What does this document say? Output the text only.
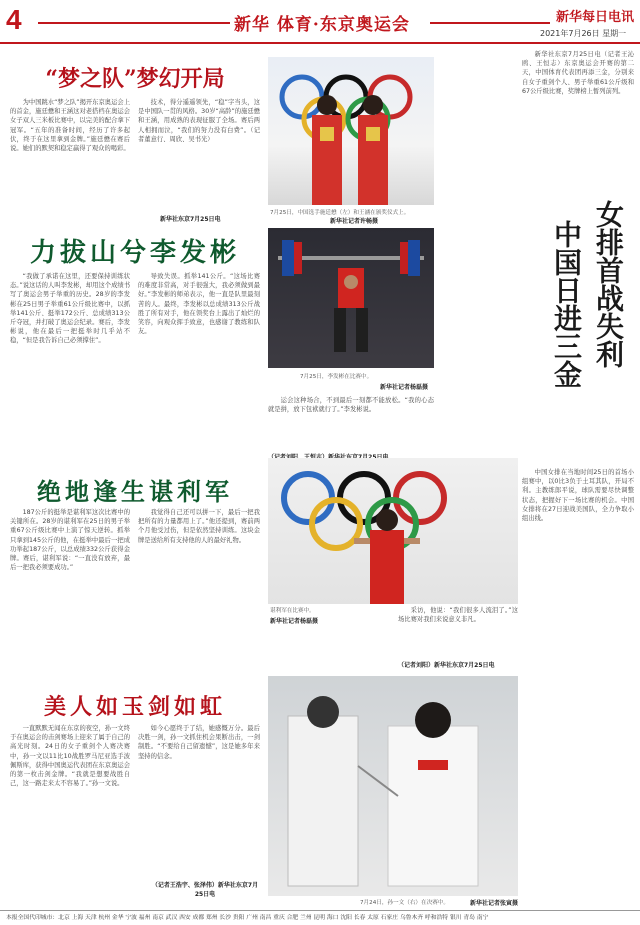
4	新华 体育·东京奥运会	新华每日电讯
2021年7月26日 星期一
“梦之队”梦幻开局

为中国跳水“梦之队”揭开东京奥运会上的首金，施廷懋和王涵这对老搭档在奥运会女子双人三米板比赛中，以完美的配合拿下冠军。“五年的准备时间，经历了许多起伏，终于在这里拿到金牌。”施廷懋在赛后说。她们的默契和稳定赢得了观众的喝彩。

技术，得分遥遥领先，“稳”字当头，这是中国队一贯的风格。30岁“高龄”的施廷懋和王涵，用成熟的表现征服了全场。赛后两人相拥而泣，“我们的努力没有白费”。（记者董意行、周欣、吴书光）

新华社东京7月25日电
7月25日，中国选手施廷懋（左）和王涵在颁奖仪式上。
新华社记者许畅摄
力拔山兮李发彬

“我做了承诺在这里，还要保持训练状态。”说这话的人叫李发彬，却用这个成绩书写了奥运会男子举重的历史。28岁的李发彬在25日男子举重61公斤级比赛中，以抓举141公斤、挺举172公斤、总成绩313公斤夺冠，并打破了奥运会纪录。赛后，李发彬说，他在最后一把挺举时几乎站不稳，“但是我告诉自己必须撑住”。

导致失误。抓举141公斤。“这场比赛的难度非常高，对手很强大，我必须做到最好。”李发彬的师弟表示，他一直是队里最刻苦的人。最终，李发彬以总成绩313公斤战胜了所有对手，他在领奖台上露出了灿烂的笑容，向观众挥手致意，也感谢了教练和队友。

运会这种场合，不到最后一刻都不能放松。“我的心态就是拼，放下包袱就行了。”李发彬说。

7月25日，李发彬在比赛中。
新华社记者杨磊摄
绝地逢生谌利军

187公斤的挺举是谌利军这次比赛中的关键所在。28岁的谌利军在25日的男子举重67公斤级比赛中上演了惊天逆转。抓举只拿到145公斤的他，在挺举中最后一把成功举起187公斤，以总成绩332公斤获得金牌。赛后，谌利军说：“一直没有放弃，最后一把我必须要成功。”

我觉得自己还可以拼一下，最后一把我把所有的力量都用上了。”他还提到，赛前两个月他受过伤，但是依然坚持训练。这块金牌是送给所有支持他的人的最好礼物。

采访，他说：“我们很多人流泪了。”这场比赛对我们来说意义非凡。

（记者刘阳）新华社东京7月25日电
谌利军在比赛中。
新华社记者杨磊摄
美人如玉剑如虹

一直默默无闻在东京的夜空，孙一文终于在奥运会的击剑赛场上迎来了属于自己的高光时刻。24日的女子重剑个人赛决赛中，孙一文以11比10战胜罗马尼亚选手波佩斯库，获得中国奥运代表团在东京奥运会的第一枚击剑金牌。“我就是想要战胜自己，这一路走来太不容易了。”孙一文说。

如今心愿终于了结，她感慨万分。最后决胜一剑，孙一文抓住机会果断出击，一剑制胜。“不要给自己留遗憾”，这是她多年来坚持的信念。

（记者王浩宇、张泽伟）新华社东京7月25日电
7月24日，孙一文（右）在决赛中。	新华社记者张寅摄

新华社东京7月25日电（记者王沁鸥、王恒志）东京奥运会开赛的第二天，中国体育代表团再添三金，分别来自女子重剑个人、男子举重61公斤级和67公斤级比赛，奖牌榜上暂列前列。

女排首战失利
中国日进三金

中国女排在当地时间25日的首场小组赛中，以0比3负于土耳其队，开局不利。主教练郎平说，球队需要尽快调整状态，把握好下一场比赛的机会。中国女排将在27日迎战美国队，全力争取小组出线。

本报全国代印城市：北京 上海 天津 杭州 金华 宁波 福州 南京 武汉 西安 成都 郑州 长沙 贵阳 广州 南昌 重庆 合肥 兰州 昆明 海口 沈阳 长春 太原 石家庄 乌鲁木齐 呼和浩特 银川 青岛 南宁
